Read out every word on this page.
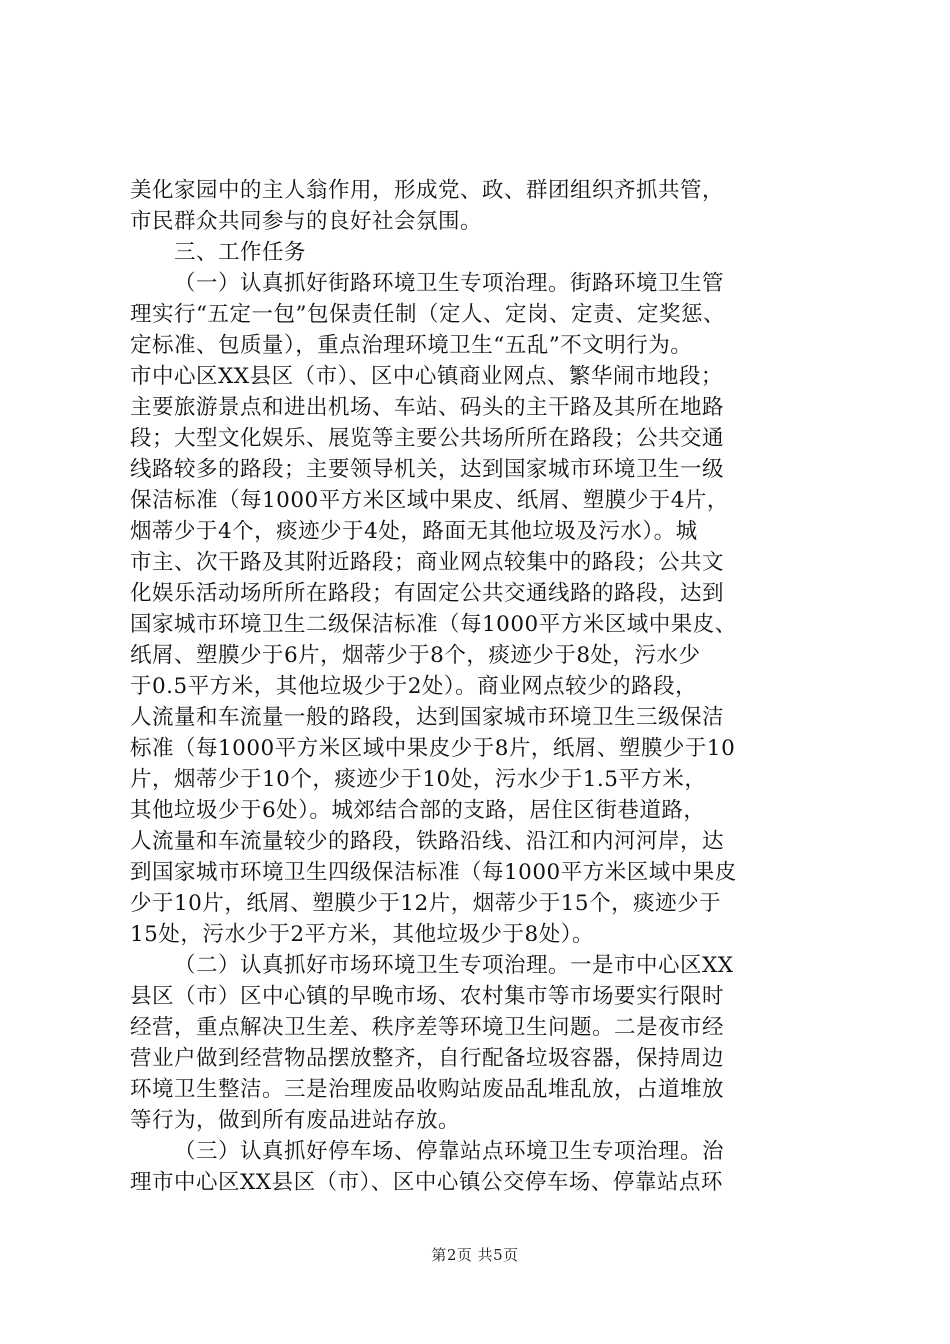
美化家园中的主人翁作用，形成党、政、群团组织齐抓共管，
市民群众共同参与的良好社会氛围。
三、工作任务
（一）认真抓好街路环境卫生专项治理。街路环境卫生管
理实行“五定一包”包保责任制（定人、定岗、定责、定奖惩、
定标准、包质量），重点治理环境卫生“五乱”不文明行为。
市中心区XX县区（市）、区中心镇商业网点、繁华闹市地段；
主要旅游景点和进出机场、车站、码头的主干路及其所在地路
段；大型文化娱乐、展览等主要公共场所所在路段；公共交通
线路较多的路段；主要领导机关，达到国家城市环境卫生一级
保洁标准（每1000平方米区域中果皮、纸屑、塑膜少于4片，
烟蒂少于4个，痰迹少于4处，路面无其他垃圾及污水）。城
市主、次干路及其附近路段；商业网点较集中的路段；公共文
化娱乐活动场所所在路段；有固定公共交通线路的路段，达到
国家城市环境卫生二级保洁标准（每1000平方米区域中果皮、
纸屑、塑膜少于6片，烟蒂少于8个，痰迹少于8处，污水少
于0.5平方米，其他垃圾少于2处）。商业网点较少的路段，
人流量和车流量一般的路段，达到国家城市环境卫生三级保洁
标准（每1000平方米区域中果皮少于8片，纸屑、塑膜少于10
片，烟蒂少于10个，痰迹少于10处，污水少于1.5平方米，
其他垃圾少于6处）。城郊结合部的支路，居住区街巷道路，
人流量和车流量较少的路段，铁路沿线、沿江和内河河岸，达
到国家城市环境卫生四级保洁标准（每1000平方米区域中果皮
少于10片，纸屑、塑膜少于12片，烟蒂少于15个，痰迹少于
15处，污水少于2平方米，其他垃圾少于8处）。
（二）认真抓好市场环境卫生专项治理。一是市中心区XX
县区（市）区中心镇的早晚市场、农村集市等市场要实行限时
经营，重点解决卫生差、秩序差等环境卫生问题。二是夜市经
营业户做到经营物品摆放整齐，自行配备垃圾容器，保持周边
环境卫生整洁。三是治理废品收购站废品乱堆乱放，占道堆放
等行为，做到所有废品进站存放。
（三）认真抓好停车场、停靠站点环境卫生专项治理。治
理市中心区XX县区（市）、区中心镇公交停车场、停靠站点环
第2页 共5页
